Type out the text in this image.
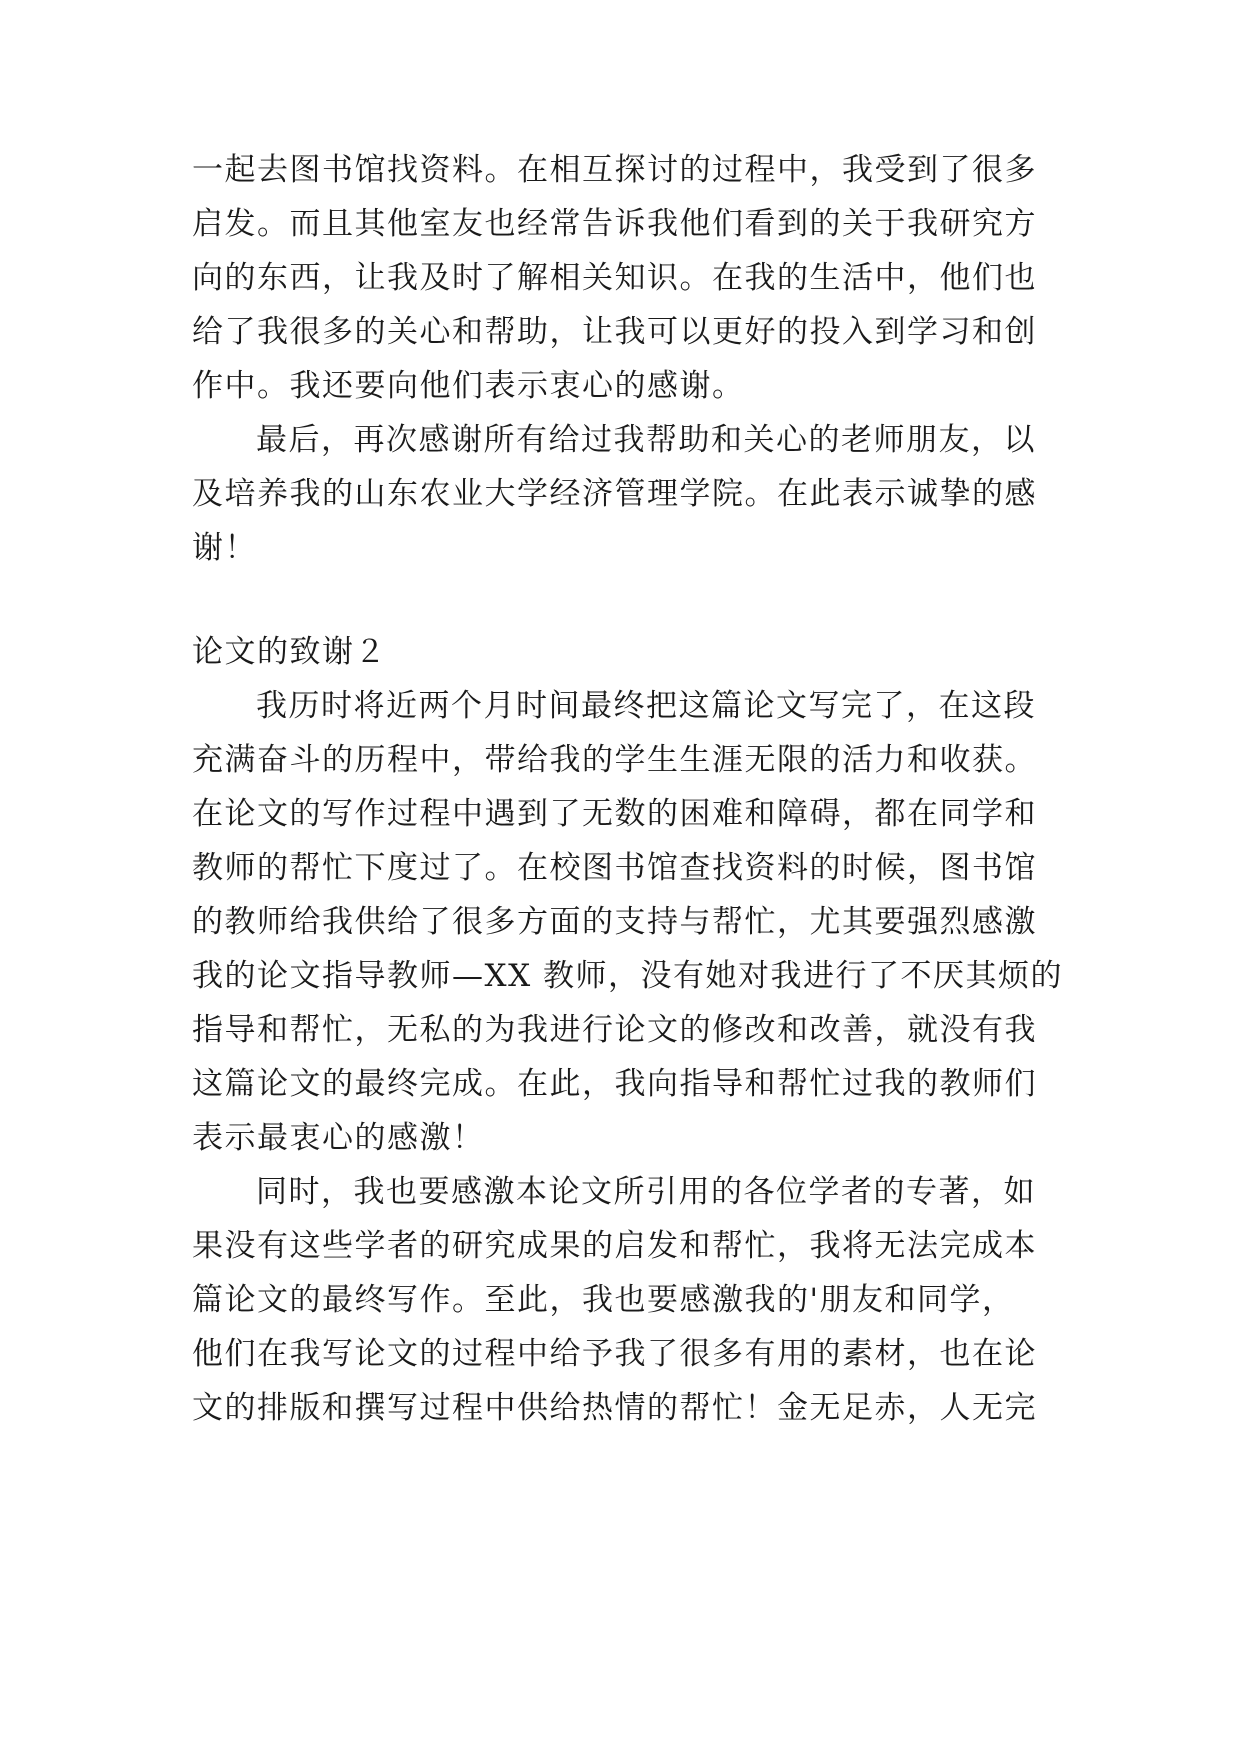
一起去图书馆找资料。在相互探讨的过程中，我受到了很多
启发。而且其他室友也经常告诉我他们看到的关于我研究方
向的东西，让我及时了解相关知识。在我的生活中，他们也
给了我很多的关心和帮助，让我可以更好的投入到学习和创
作中。我还要向他们表示衷心的感谢。
最后，再次感谢所有给过我帮助和关心的老师朋友，以
及培养我的山东农业大学经济管理学院。在此表示诚挚的感
谢！
论文的致谢２
我历时将近两个月时间最终把这篇论文写完了，在这段
充满奋斗的历程中，带给我的学生生涯无限的活力和收获。
在论文的写作过程中遇到了无数的困难和障碍，都在同学和
教师的帮忙下度过了。在校图书馆查找资料的时候，图书馆
的教师给我供给了很多方面的支持与帮忙，尤其要强烈感激
我的论文指导教师—XX 教师，没有她对我进行了不厌其烦的
指导和帮忙，无私的为我进行论文的修改和改善，就没有我
这篇论文的最终完成。在此，我向指导和帮忙过我的教师们
表示最衷心的感激！
同时，我也要感激本论文所引用的各位学者的专著，如
果没有这些学者的研究成果的启发和帮忙，我将无法完成本
篇论文的最终写作。至此，我也要感激我的'朋友和同学，
他们在我写论文的过程中给予我了很多有用的素材，也在论
文的排版和撰写过程中供给热情的帮忙！金无足赤，人无完
